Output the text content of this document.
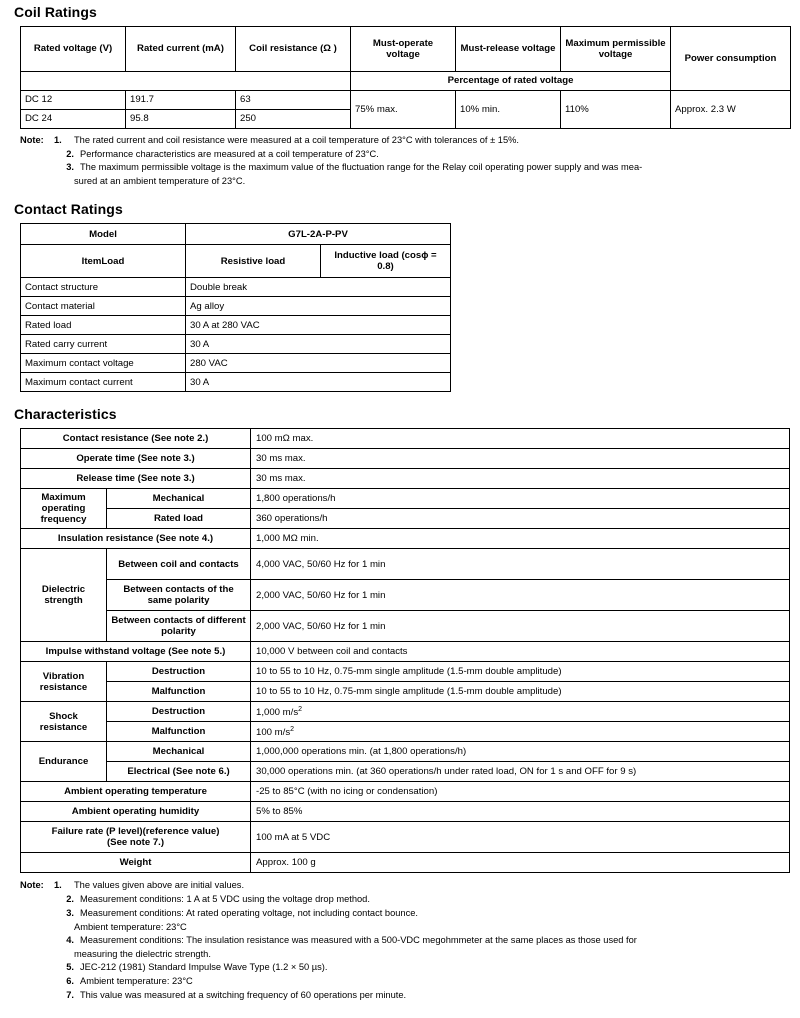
Coil Ratings
Rated voltage (V)	Rated current (mA)	Coil resistance (Ω )	Must-operate voltage	Must-release voltage	Maximum permissible voltage	Power consumption
			Percentage of rated voltage			
DC 12	191.7	63	75% max.	10% min.	110%	Approx. 2.3 W
DC 24	95.8	250				
Note:	1.	The rated current and coil resistance were measured at a coil temperature of 23°C with tolerances of ± 15%.
2. Performance characteristics are measured at a coil temperature of 23°C.
3. The maximum permissible voltage is the maximum value of the fluctuation range for the Relay coil operating power supply and was mea-
sured at an ambient temperature of 23°C.
Contact Ratings
Model	G7L-2A-P-PV	
ItemLoad	Resistive load	Inductive load (cosϕ = 0.8)
Contact structure	Double break	
Contact material	Ag alloy	
Rated load	30 A at 280 VAC	
Rated carry current	30 A	
Maximum contact voltage	280 VAC	
Maximum contact current	30 A	
Characteristics
Contact resistance (See note 2.)		100 mΩ max.
Operate time (See note 3.)		30 ms max.
Release time (See note 3.)		30 ms max.
Maximum operating frequency	Mechanical	1,800 operations/h
	Rated load	360 operations/h
Insulation resistance (See note 4.)		1,000 MΩ min.
Dielectric strength	Between coil and contacts	4,000 VAC, 50/60 Hz for 1 min
	Between contacts of the same polarity	2,000 VAC, 50/60 Hz for 1 min
	Between contacts of different polarity	2,000 VAC, 50/60 Hz for 1 min
Impulse withstand voltage (See note 5.)		10,000 V between coil and contacts
Vibration resistance	Destruction	10 to 55 to 10 Hz, 0.75-mm single amplitude (1.5-mm double amplitude)
	Malfunction	10 to 55 to 10 Hz, 0.75-mm single amplitude (1.5-mm double amplitude)
Shock resistance	Destruction	1,000 $m/s^2$
	Malfunction	100 $m/s^2$
Endurance	Mechanical	1,000,000 operations min. (at 1,800 operations/h)
	Electrical (See note 6.)	30,000 operations min. (at 360 operations/h under rated load, ON for 1 s and OFF for 9 s)
Ambient operating temperature		-25 to 85°C (with no icing or condensation)
Ambient operating humidity		5% to 85%

Failure rate (P level)(reference value)
(See note 7.)		100 mA at 5 VDC
Weight		Approx. 100 g
Note:	1.	The values given above are initial values.
2. Measurement conditions: 1 A at 5 VDC using the voltage drop method.
3. Measurement conditions: At rated operating voltage, not including contact bounce.
Ambient temperature: 23°C
4. Measurement conditions: The insulation resistance was measured with a 500-VDC megohmmeter at the same places as those used for
measuring the dielectric strength.
5. JEC-212 (1981) Standard Impulse Wave Type (1.2 × 50 µs).
6. Ambient temperature: 23°C
7. This value was measured at a switching frequency of 60 operations per minute.
